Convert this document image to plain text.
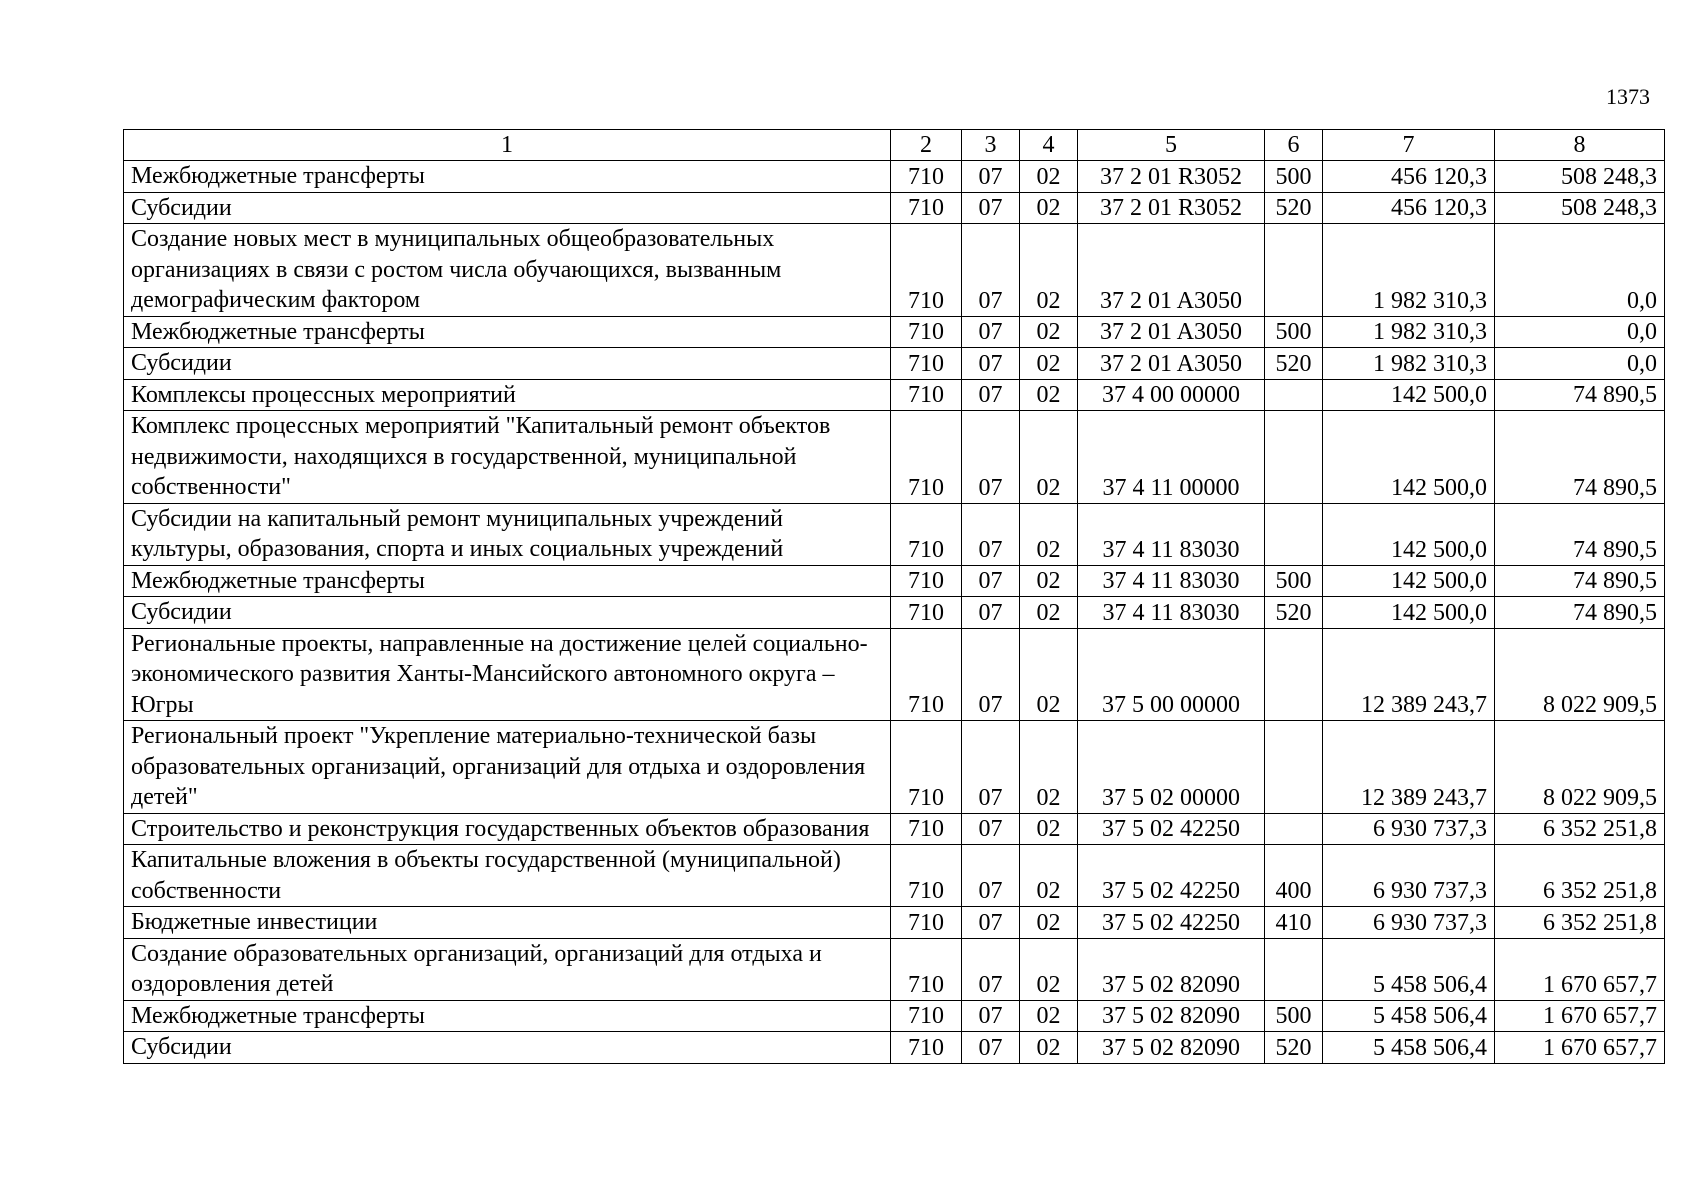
1373
1	2	3	4	5	6	7	8
Межбюджетные трансферты	710	07	02	37 2 01 R3052	500	456 120,3	508 248,3
Субсидии	710	07	02	37 2 01 R3052	520	456 120,3	508 248,3
Создание новых мест в муниципальных общеобразовательных организациях в связи с ростом числа обучающихся, вызванным демографическим фактором	710	07	02	37 2 01 A3050		1 982 310,3	0,0
Межбюджетные трансферты	710	07	02	37 2 01 A3050	500	1 982 310,3	0,0
Субсидии	710	07	02	37 2 01 A3050	520	1 982 310,3	0,0
Комплексы процессных мероприятий	710	07	02	37 4 00 00000		142 500,0	74 890,5
Комплекс процессных мероприятий "Капитальный ремонт объектов недвижимости, находящихся в государственной, муниципальной собственности"	710	07	02	37 4 11 00000		142 500,0	74 890,5
Субсидии на капитальный ремонт муниципальных учреждений культуры, образования, спорта и иных социальных учреждений	710	07	02	37 4 11 83030		142 500,0	74 890,5
Межбюджетные трансферты	710	07	02	37 4 11 83030	500	142 500,0	74 890,5
Субсидии	710	07	02	37 4 11 83030	520	142 500,0	74 890,5
Региональные проекты, направленные на достижение целей социально-экономического развития Ханты-Мансийского автономного округа – Югры	710	07	02	37 5 00 00000		12 389 243,7	8 022 909,5
Региональный проект "Укрепление материально-технической базы образовательных организаций, организаций для отдыха и оздоровления детей"	710	07	02	37 5 02 00000		12 389 243,7	8 022 909,5
Строительство и реконструкция государственных объектов образования	710	07	02	37 5 02 42250		6 930 737,3	6 352 251,8
Капитальные вложения в объекты государственной (муниципальной) собственности	710	07	02	37 5 02 42250	400	6 930 737,3	6 352 251,8
Бюджетные инвестиции	710	07	02	37 5 02 42250	410	6 930 737,3	6 352 251,8
Создание образовательных организаций, организаций для отдыха и оздоровления детей	710	07	02	37 5 02 82090		5 458 506,4	1 670 657,7
Межбюджетные трансферты	710	07	02	37 5 02 82090	500	5 458 506,4	1 670 657,7
Субсидии	710	07	02	37 5 02 82090	520	5 458 506,4	1 670 657,7
